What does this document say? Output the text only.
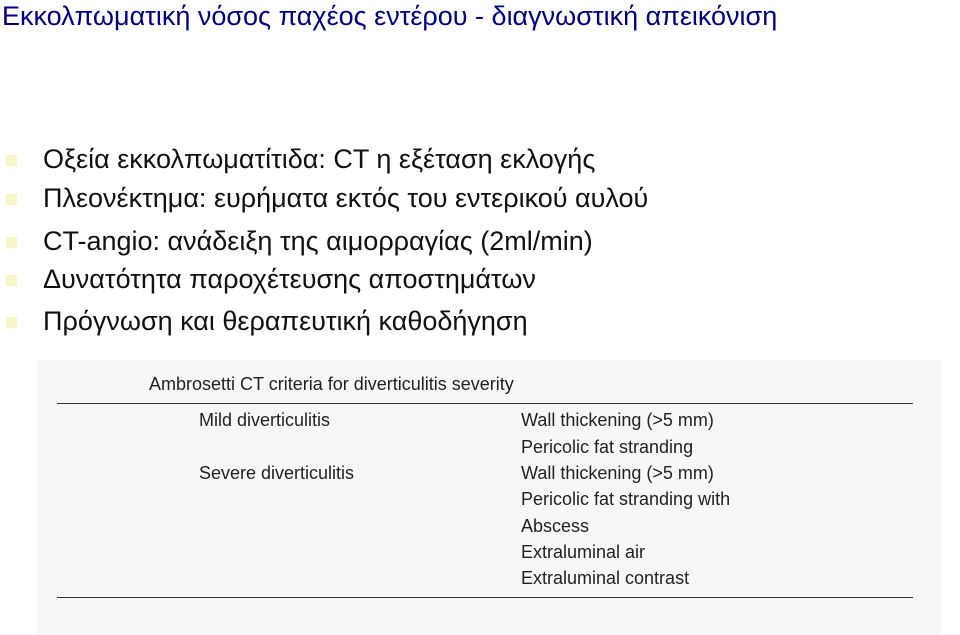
Εκκολπωματική νόσος παχέος εντέρου - διαγνωστική απεικόνιση
Οξεία εκκολπωματίτιδα: CT η εξέταση εκλογής
Πλεονέκτημα: ευρήματα εκτός του εντερικού αυλού
CT-angio: ανάδειξη της αιμορραγίας (2ml/min)
Δυνατότητα παροχέτευσης αποστημάτων
Πρόγνωση και θεραπευτική καθοδήγηση
Ambrosetti CT criteria for diverticulitis severity
Mild diverticulitis	Wall thickening (>5 mm)
Pericolic fat stranding
Severe diverticulitis	Wall thickening (>5 mm)
Pericolic fat stranding with
Abscess
Extraluminal air
Extraluminal contrast
